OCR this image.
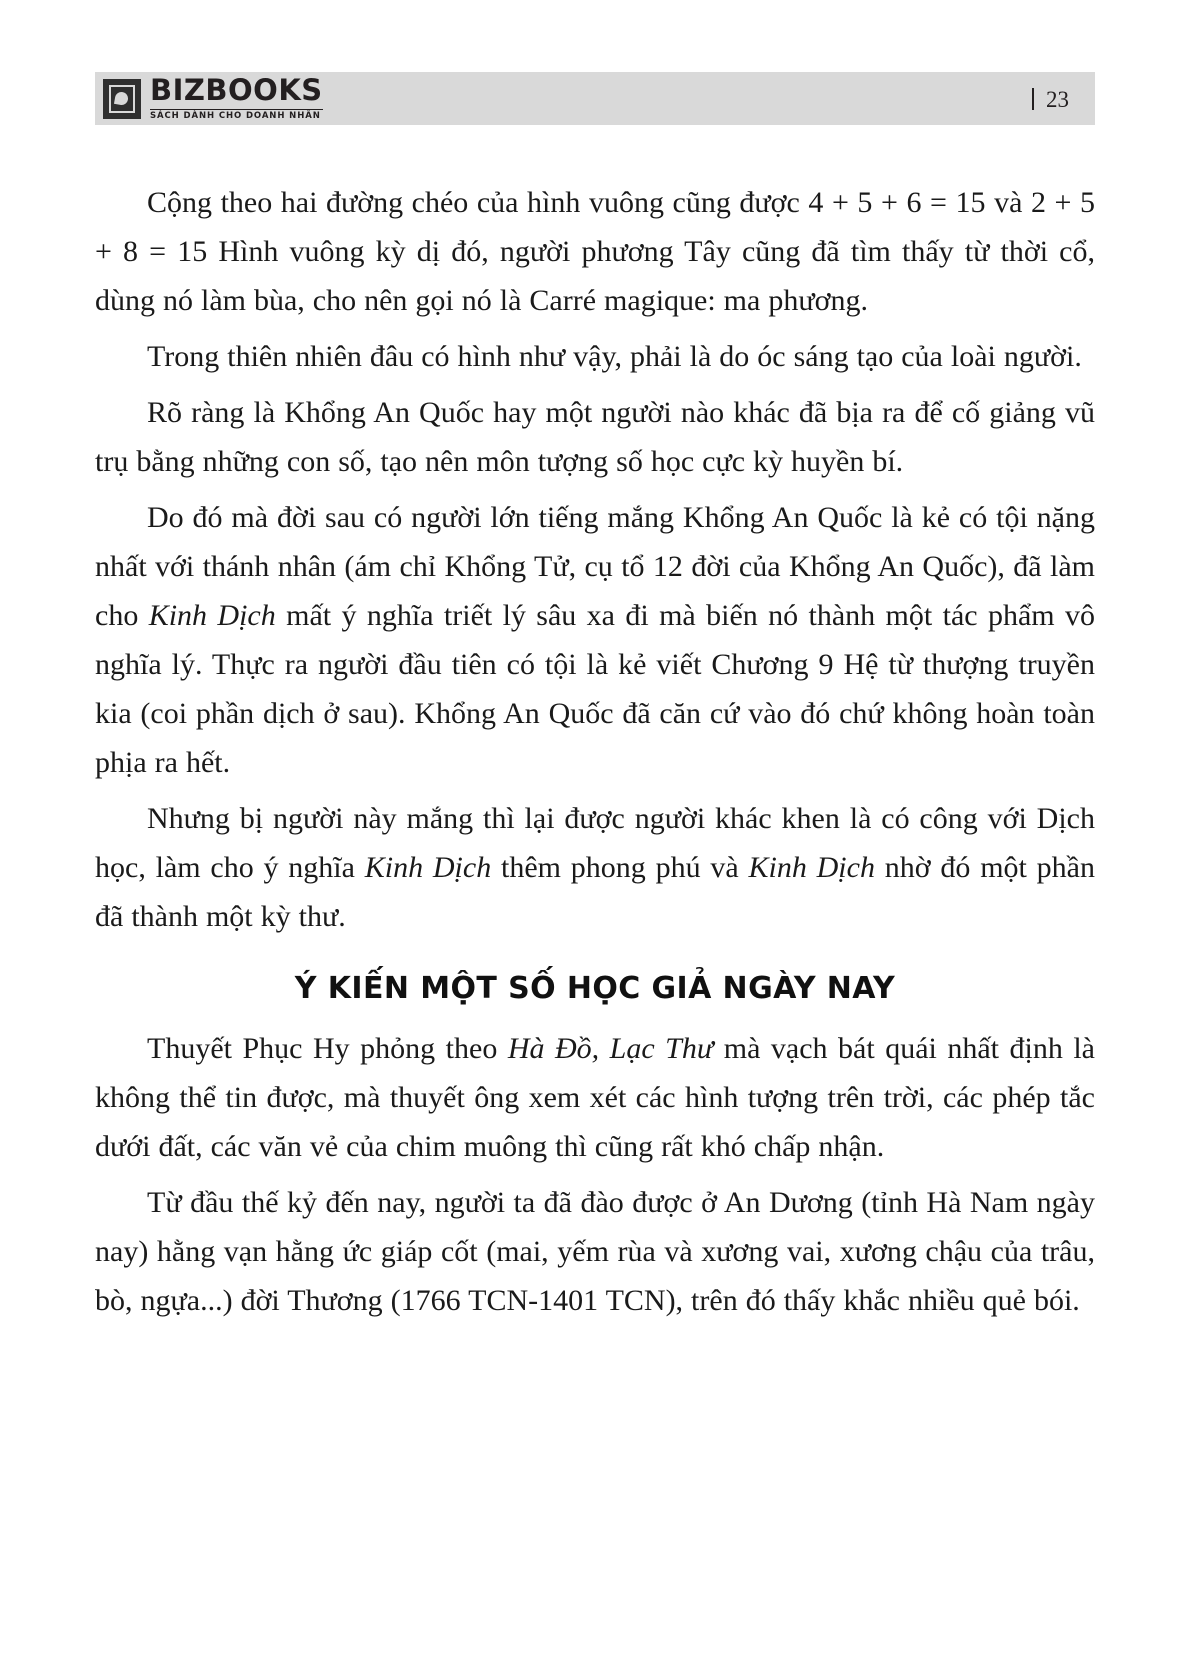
BIZBOOKS
SÁCH DÀNH CHO DOANH NHÂN
23

Cộng theo hai đường chéo của hình vuông cũng được 4 + 5 + 6 = 15 và 2 + 5 + 8 = 15 Hình vuông kỳ dị đó, người phương Tây cũng đã tìm thấy từ thời cổ, dùng nó làm bùa, cho nên gọi nó là Carré magique: ma phương.

Trong thiên nhiên đâu có hình như vậy, phải là do óc sáng tạo của loài người.

Rõ ràng là Khổng An Quốc hay một người nào khác đã bịa ra để cố giảng vũ trụ bằng những con số, tạo nên môn tượng số học cực kỳ huyền bí.

Do đó mà đời sau có người lớn tiếng mắng Khổng An Quốc là kẻ có tội nặng nhất với thánh nhân (ám chỉ Khổng Tử, cụ tổ 12 đời của Khổng An Quốc), đã làm cho Kinh Dịch mất ý nghĩa triết lý sâu xa đi mà biến nó thành một tác phẩm vô nghĩa lý. Thực ra người đầu tiên có tội là kẻ viết Chương 9 Hệ từ thượng truyền kia (coi phần dịch ở sau). Khổng An Quốc đã căn cứ vào đó chứ không hoàn toàn phịa ra hết.

Nhưng bị người này mắng thì lại được người khác khen là có công với Dịch học, làm cho ý nghĩa Kinh Dịch thêm phong phú và Kinh Dịch nhờ đó một phần đã thành một kỳ thư.

Ý KIẾN MỘT SỐ HỌC GIẢ NGÀY NAY

Thuyết Phục Hy phỏng theo Hà Đồ, Lạc Thư mà vạch bát quái nhất định là không thể tin được, mà thuyết ông xem xét các hình tượng trên trời, các phép tắc dưới đất, các văn vẻ của chim muông thì cũng rất khó chấp nhận.

Từ đầu thế kỷ đến nay, người ta đã đào được ở An Dương (tỉnh Hà Nam ngày nay) hằng vạn hằng ức giáp cốt (mai, yếm rùa và xương vai, xương chậu của trâu, bò, ngựa...) đời Thương (1766 TCN-1401 TCN), trên đó thấy khắc nhiều quẻ bói.
